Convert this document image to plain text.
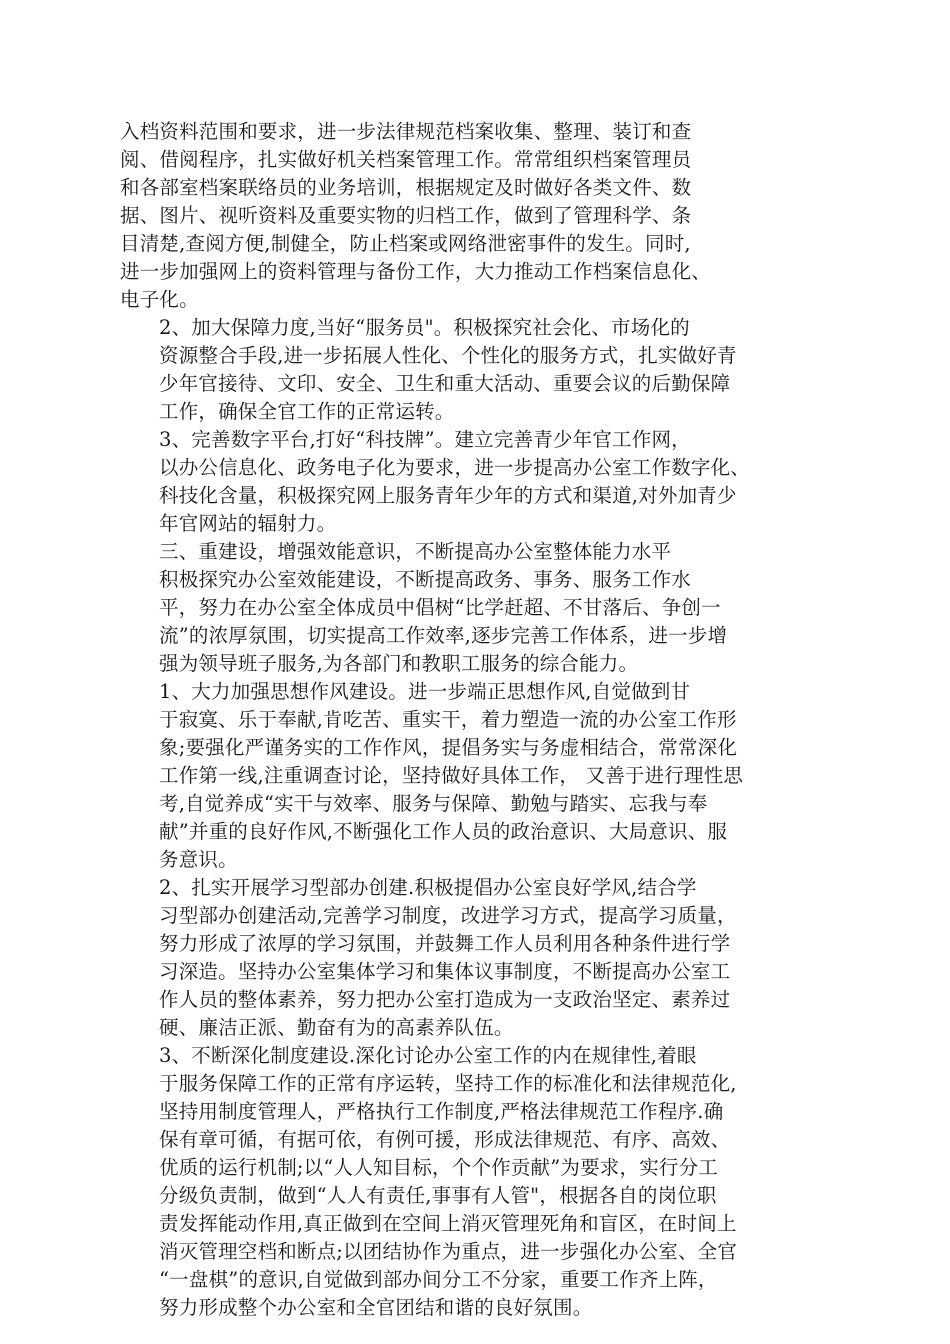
入档资料范围和要求，进一步法律规范档案收集、整理、装订和查
阅、借阅程序，扎实做好机关档案管理工作。常常组织档案管理员
和各部室档案联络员的业务培训，根据规定及时做好各类文件、数
据、图片、视听资料及重要实物的归档工作，做到了管理科学、条
目清楚,查阅方便,制健全，防止档案或网络泄密事件的发生。同时,
进一步加强网上的资料管理与备份工作，大力推动工作档案信息化、
电子化。
2、加大保障力度,当好“服务员"。积极探究社会化、市场化的
资源整合手段,进一步拓展人性化、个性化的服务方式，扎实做好青
少年官接待、文印、安全、卫生和重大活动、重要会议的后勤保障
工作，确保全官工作的正常运转。
3、完善数字平台,打好“科技牌”。建立完善青少年官工作网，
以办公信息化、政务电子化为要求，进一步提高办公室工作数字化、
科技化含量，积极探究网上服务青年少年的方式和渠道,对外加青少
年官网站的辐射力。
三、重建设，增强效能意识，不断提高办公室整体能力水平
积极探究办公室效能建设，不断提高政务、事务、服务工作水
平，努力在办公室全体成员中倡树“比学赶超、不甘落后、争创一
流”的浓厚氛围，切实提高工作效率,逐步完善工作体系，进一步增
强为领导班子服务,为各部门和教职工服务的综合能力。
1、大力加强思想作风建设。进一步端正思想作风,自觉做到甘
于寂寞、乐于奉献,肯吃苦、重实干，着力塑造一流的办公室工作形
象;要强化严谨务实的工作作风，提倡务实与务虚相结合，常常深化
工作第一线,注重调查讨论，坚持做好具体工作， 又善于进行理性思
考,自觉养成“实干与效率、服务与保障、勤勉与踏实、忘我与奉
献”并重的良好作风,不断强化工作人员的政治意识、大局意识、服
务意识。
2、扎实开展学习型部办创建.积极提倡办公室良好学风,结合学
习型部办创建活动,完善学习制度，改进学习方式，提高学习质量，
努力形成了浓厚的学习氛围，并鼓舞工作人员利用各种条件进行学
习深造。坚持办公室集体学习和集体议事制度，不断提高办公室工
作人员的整体素养，努力把办公室打造成为一支政治坚定、素养过
硬、廉洁正派、勤奋有为的高素养队伍。
3、不断深化制度建设.深化讨论办公室工作的内在规律性,着眼
于服务保障工作的正常有序运转，坚持工作的标准化和法律规范化,
坚持用制度管理人，严格执行工作制度,严格法律规范工作程序.确
保有章可循，有据可依，有例可援，形成法律规范、有序、高效、
优质的运行机制;以“人人知目标，个个作贡献”为要求，实行分工
分级负责制，做到“人人有责任,事事有人管"，根据各自的岗位职
责发挥能动作用,真正做到在空间上消灭管理死角和盲区，在时间上
消灭管理空档和断点;以团结协作为重点，进一步强化办公室、全官
“一盘棋”的意识,自觉做到部办间分工不分家，重要工作齐上阵，
努力形成整个办公室和全官团结和谐的良好氛围。
